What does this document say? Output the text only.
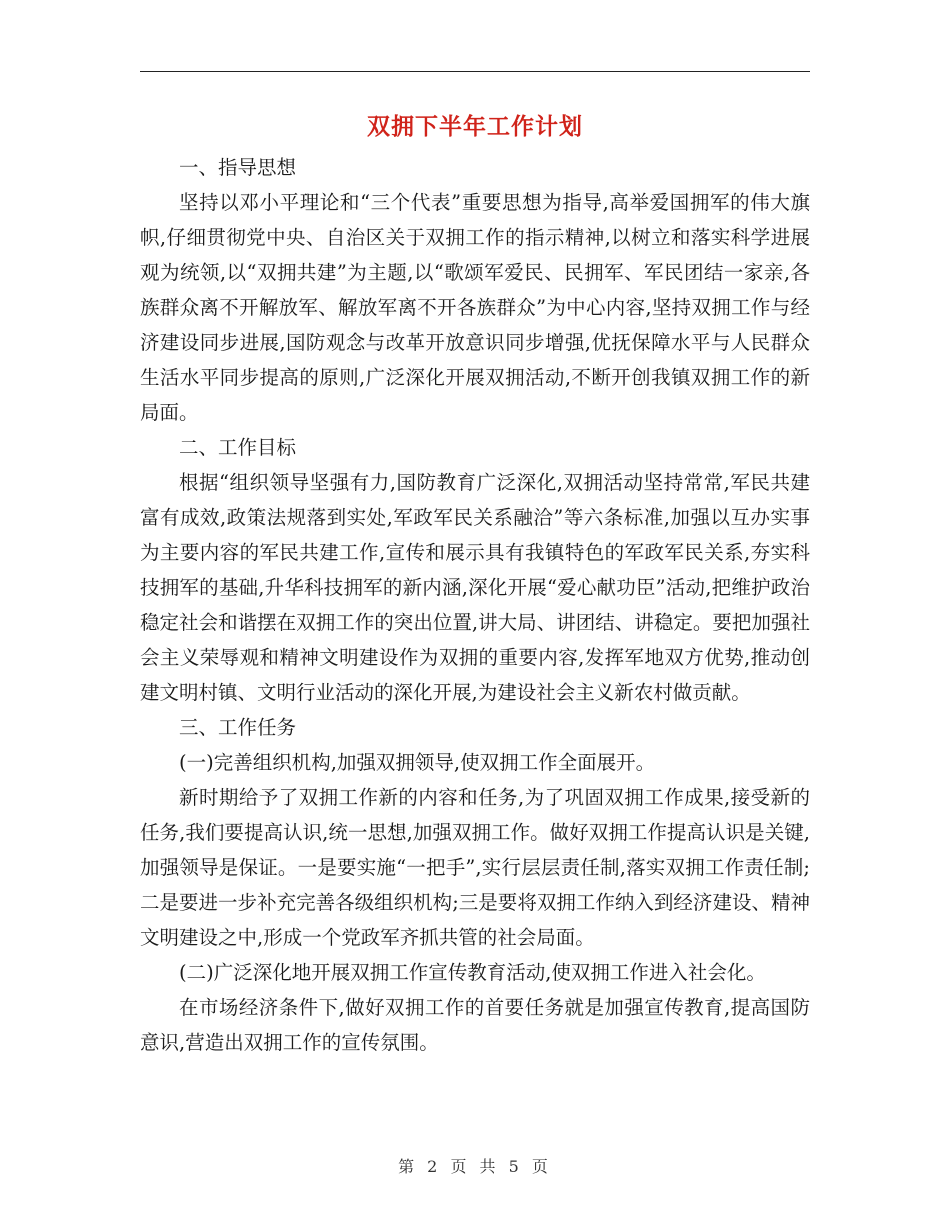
双拥下半年工作计划

一、指导思想

坚持以邓小平理论和“三个代表”重要思想为指导,高举爱国拥军的伟大旗帜,仔细贯彻党中央、自治区关于双拥工作的指示精神,以树立和落实科学进展观为统领,以“双拥共建”为主题,以“歌颂军爱民、民拥军、军民团结一家亲,各族群众离不开解放军、解放军离不开各族群众”为中心内容,坚持双拥工作与经济建设同步进展,国防观念与改革开放意识同步增强,优抚保障水平与人民群众生活水平同步提高的原则,广泛深化开展双拥活动,不断开创我镇双拥工作的新局面。

二、工作目标

根据“组织领导坚强有力,国防教育广泛深化,双拥活动坚持常常,军民共建富有成效,政策法规落到实处,军政军民关系融洽”等六条标准,加强以互办实事为主要内容的军民共建工作,宣传和展示具有我镇特色的军政军民关系,夯实科技拥军的基础,升华科技拥军的新内涵,深化开展“爱心献功臣”活动,把维护政治稳定社会和谐摆在双拥工作的突出位置,讲大局、讲团结、讲稳定。要把加强社会主义荣辱观和精神文明建设作为双拥的重要内容,发挥军地双方优势,推动创建文明村镇、文明行业活动的深化开展,为建设社会主义新农村做贡献。

三、工作任务

(一)完善组织机构,加强双拥领导,使双拥工作全面展开。

新时期给予了双拥工作新的内容和任务,为了巩固双拥工作成果,接受新的任务,我们要提高认识,统一思想,加强双拥工作。做好双拥工作提高认识是关键,加强领导是保证。一是要实施“一把手”,实行层层责任制,落实双拥工作责任制;二是要进一步补充完善各级组织机构;三是要将双拥工作纳入到经济建设、精神文明建设之中,形成一个党政军齐抓共管的社会局面。

(二)广泛深化地开展双拥工作宣传教育活动,使双拥工作进入社会化。

在市场经济条件下,做好双拥工作的首要任务就是加强宣传教育,提高国防意识,营造出双拥工作的宣传氛围。

第 2 页 共 5 页
